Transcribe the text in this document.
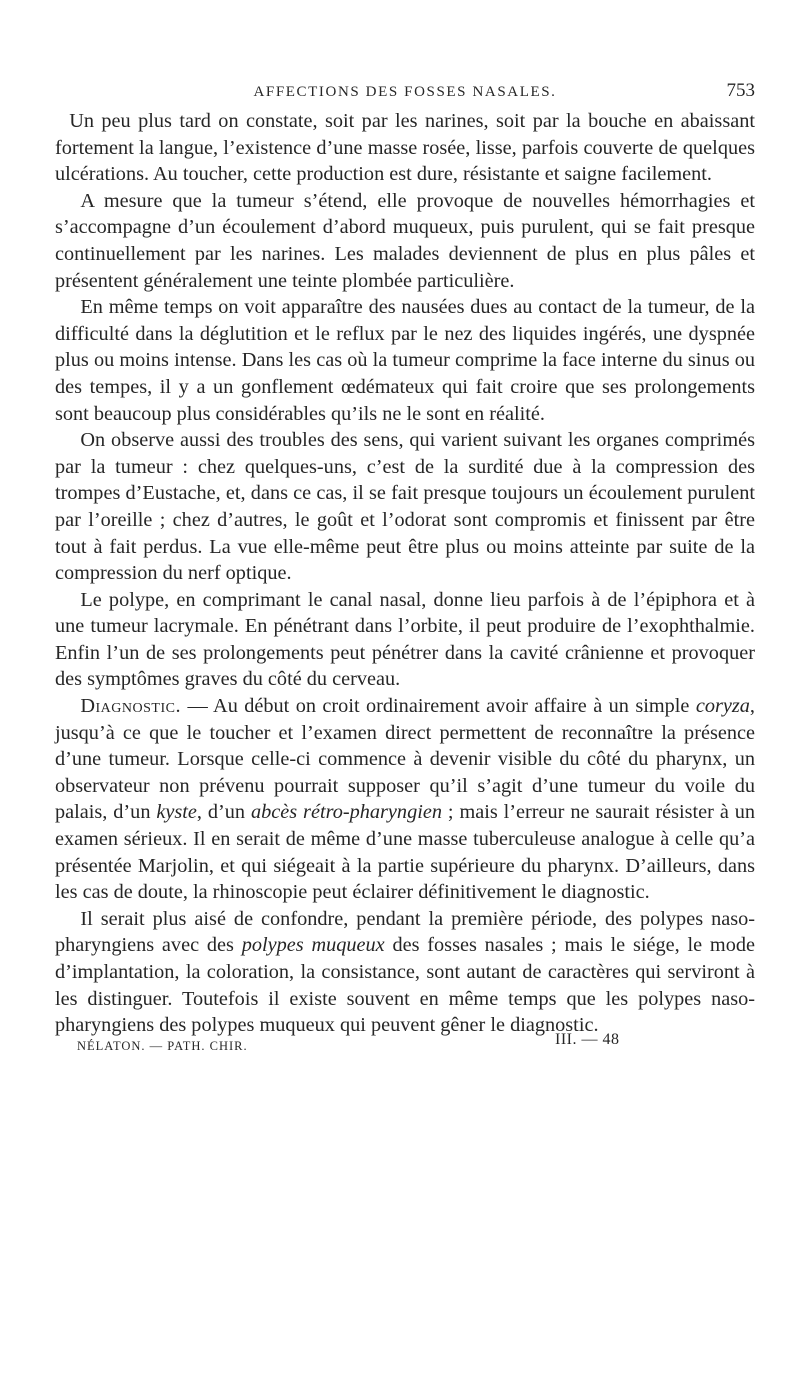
AFFECTIONS DES FOSSES NASALES.	753

Un peu plus tard on constate, soit par les narines, soit par la bouche en abaissant fortement la langue, l’existence d’une masse rosée, lisse, parfois couverte de quelques ulcérations. Au toucher, cette production est dure, résistante et saigne facilement.

A mesure que la tumeur s’étend, elle provoque de nouvelles hémorrhagies et s’accompagne d’un écoulement d’abord muqueux, puis purulent, qui se fait presque continuellement par les narines. Les malades deviennent de plus en plus pâles et présentent généralement une teinte plombée particulière.

En même temps on voit apparaître des nausées dues au contact de la tumeur, de la difficulté dans la déglutition et le reflux par le nez des liquides ingérés, une dyspnée plus ou moins intense. Dans les cas où la tumeur comprime la face interne du sinus ou des tempes, il y a un gonflement œdémateux qui fait croire que ses prolongements sont beaucoup plus considérables qu’ils ne le sont en réalité.

On observe aussi des troubles des sens, qui varient suivant les organes comprimés par la tumeur : chez quelques-uns, c’est de la surdité due à la compression des trompes d’Eustache, et, dans ce cas, il se fait presque toujours un écoulement purulent par l’oreille ; chez d’autres, le goût et l’odorat sont compromis et finissent par être tout à fait perdus. La vue elle-même peut être plus ou moins atteinte par suite de la compression du nerf optique.

Le polype, en comprimant le canal nasal, donne lieu parfois à de l’épiphora et à une tumeur lacrymale. En pénétrant dans l’orbite, il peut produire de l’exophthalmie. Enfin l’un de ses prolongements peut pénétrer dans la cavité crânienne et provoquer des symptômes graves du côté du cerveau.

Diagnostic. — Au début on croit ordinairement avoir affaire à un simple coryza, jusqu’à ce que le toucher et l’examen direct permettent de reconnaître la présence d’une tumeur. Lorsque celle-ci commence à devenir visible du côté du pharynx, un observateur non prévenu pourrait supposer qu’il s’agit d’une tumeur du voile du palais, d’un kyste, d’un abcès rétro-pharyngien ; mais l’erreur ne saurait résister à un examen sérieux. Il en serait de même d’une masse tuberculeuse analogue à celle qu’a présentée Marjolin, et qui siégeait à la partie supérieure du pharynx. D’ailleurs, dans les cas de doute, la rhinoscopie peut éclairer définitivement le diagnostic.

Il serait plus aisé de confondre, pendant la première période, des polypes naso-pharyngiens avec des polypes muqueux des fosses nasales ; mais le siége, le mode d’implantation, la coloration, la consistance, sont autant de caractères qui serviront à les distinguer. Toutefois il existe souvent en même temps que les polypes naso-pharyngiens des polypes muqueux qui peuvent gêner le diagnostic.

NÉLATON. — PATH. CHIR.	III. — 48
